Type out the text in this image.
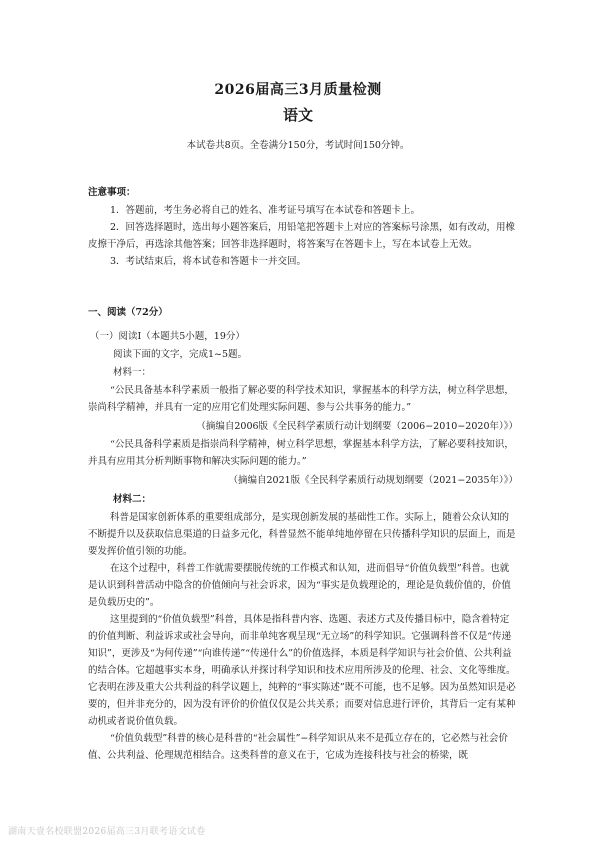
2026届高三3月质量检测
语文
本试卷共8页。全卷满分150分，考试时间150分钟。
注意事项：

1．答题前，考生务必将自己的姓名、准考证号填写在本试卷和答题卡上。

2．回答选择题时，选出每小题答案后，用铅笔把答题卡上对应的答案标号涂黑，如有改动，用橡皮擦干净后，再选涂其他答案；回答非选择题时，将答案写在答题卡上，写在本试卷上无效。

3．考试结束后，将本试卷和答题卡一并交回。

一、阅读（72分）
（一）阅读I（本题共5小题，19分）
阅读下面的文字，完成1~5题。
材料一：

“公民具备基本科学素质一般指了解必要的科学技术知识，掌握基本的科学方法，树立科学思想，崇尚科学精神，并具有一定的应用它们处理实际问题、参与公共事务的能力。”

（摘编自2006版《全民科学素质行动计划纲要（2006−2010−2020年）》）

“公民具备科学素质是指崇尚科学精神，树立科学思想，掌握基本科学方法，了解必要科技知识，并具有应用其分析判断事物和解决实际问题的能力。”

（摘编自2021版《全民科学素质行动规划纲要（2021−2035年）》）
材料二：

科普是国家创新体系的重要组成部分，是实现创新发展的基础性工作。实际上，随着公众认知的不断提升以及获取信息渠道的日益多元化，科普显然不能单纯地停留在只传播科学知识的层面上，而是要发挥价值引领的功能。

在这个过程中，科普工作就需要摆脱传统的工作模式和认知，进而倡导“价值负载型”科普。也就是认识到科普活动中隐含的价值倾向与社会诉求，因为“事实是负载理论的，理论是负载价值的，价值是负载历史的”。

这里提到的“价值负载型”科普，具体是指科普内容、选题、表述方式及传播目标中，隐含着特定的价值判断、利益诉求或社会导向，而非单纯客观呈现“无立场”的科学知识。它强调科普不仅是“传递知识”，更涉及“为何传递”“向谁传递”“传递什么”的价值选择，本质是科学知识与社会价值、公共利益的结合体。它超越事实本身，明确承认并探讨科学知识和技术应用所涉及的伦理、社会、文化等维度。它表明在涉及重大公共利益的科学议题上，纯粹的“事实陈述”既不可能，也不足够。因为虽然知识是必要的，但并非充分的，因为没有评价的价值仅仅是公共关系；而要对信息进行评价，其背后一定有某种动机或者说价值负载。

“价值负载型”科普的核心是科普的“社会属性”−科学知识从来不是孤立存在的，它必然与社会价值、公共利益、伦理规范相结合。这类科普的意义在于，它成为连接科技与社会的桥梁，既

湖南天壹名校联盟2026届高三3月联考语文试卷
